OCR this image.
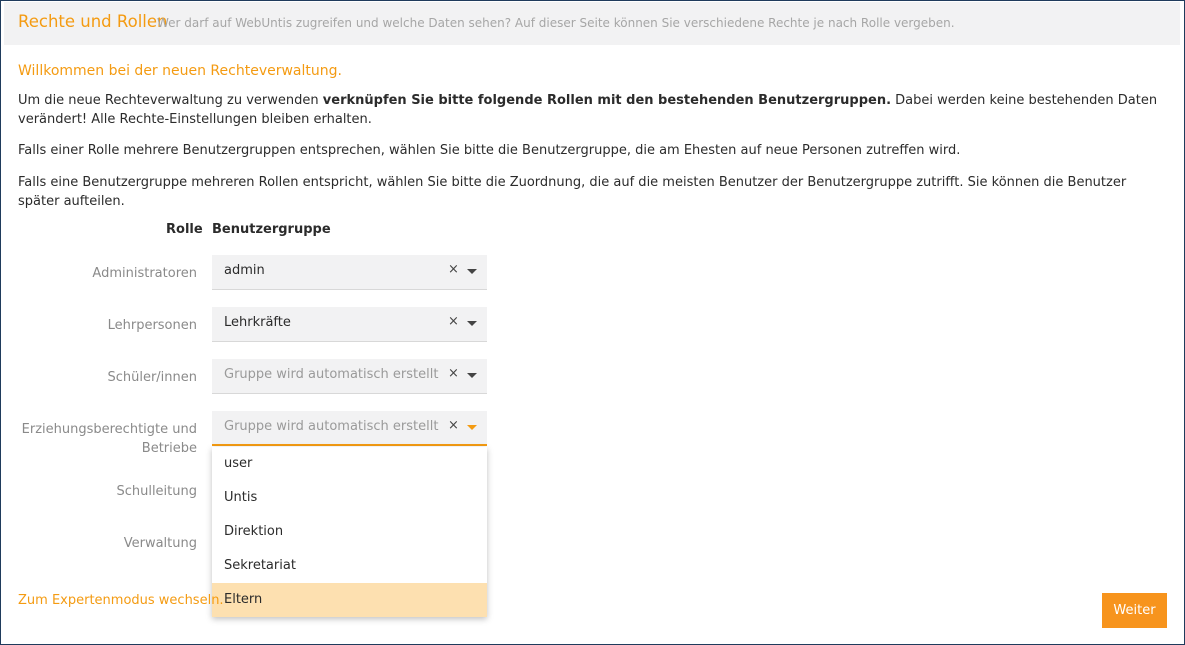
Rechte und Rollen
Wer darf auf WebUntis zugreifen und welche Daten sehen? Auf dieser Seite können Sie verschiedene Rechte je nach Rolle vergeben.
Willkommen bei der neuen Rechteverwaltung.
Um die neue Rechteverwaltung zu verwenden verknüpfen Sie bitte folgende Rollen mit den bestehenden Benutzergruppen. Dabei werden keine bestehenden Daten verändert! Alle Rechte-Einstellungen bleiben erhalten.
Falls einer Rolle mehrere Benutzergruppen entsprechen, wählen Sie bitte die Benutzergruppe, die am Ehesten auf neue Personen zutreffen wird.
Falls eine Benutzergruppe mehreren Rollen entspricht, wählen Sie bitte die Zuordnung, die auf die meisten Benutzer der Benutzergruppe zutrifft. Sie können die Benutzer später aufteilen.
Rolle Benutzergruppe
Administratoren admin	×
Lehrpersonen Lehrkräfte	×
Schüler/innen Gruppe wird automatisch erstellt ×
Erziehungsberechtigte und Betriebe
Gruppe wird automatisch erstellt ×
Schulleitung
Verwaltung
user
Untis
Direktion
Sekretariat
Eltern
Zum Expertenmodus wechseln.
Weiter
